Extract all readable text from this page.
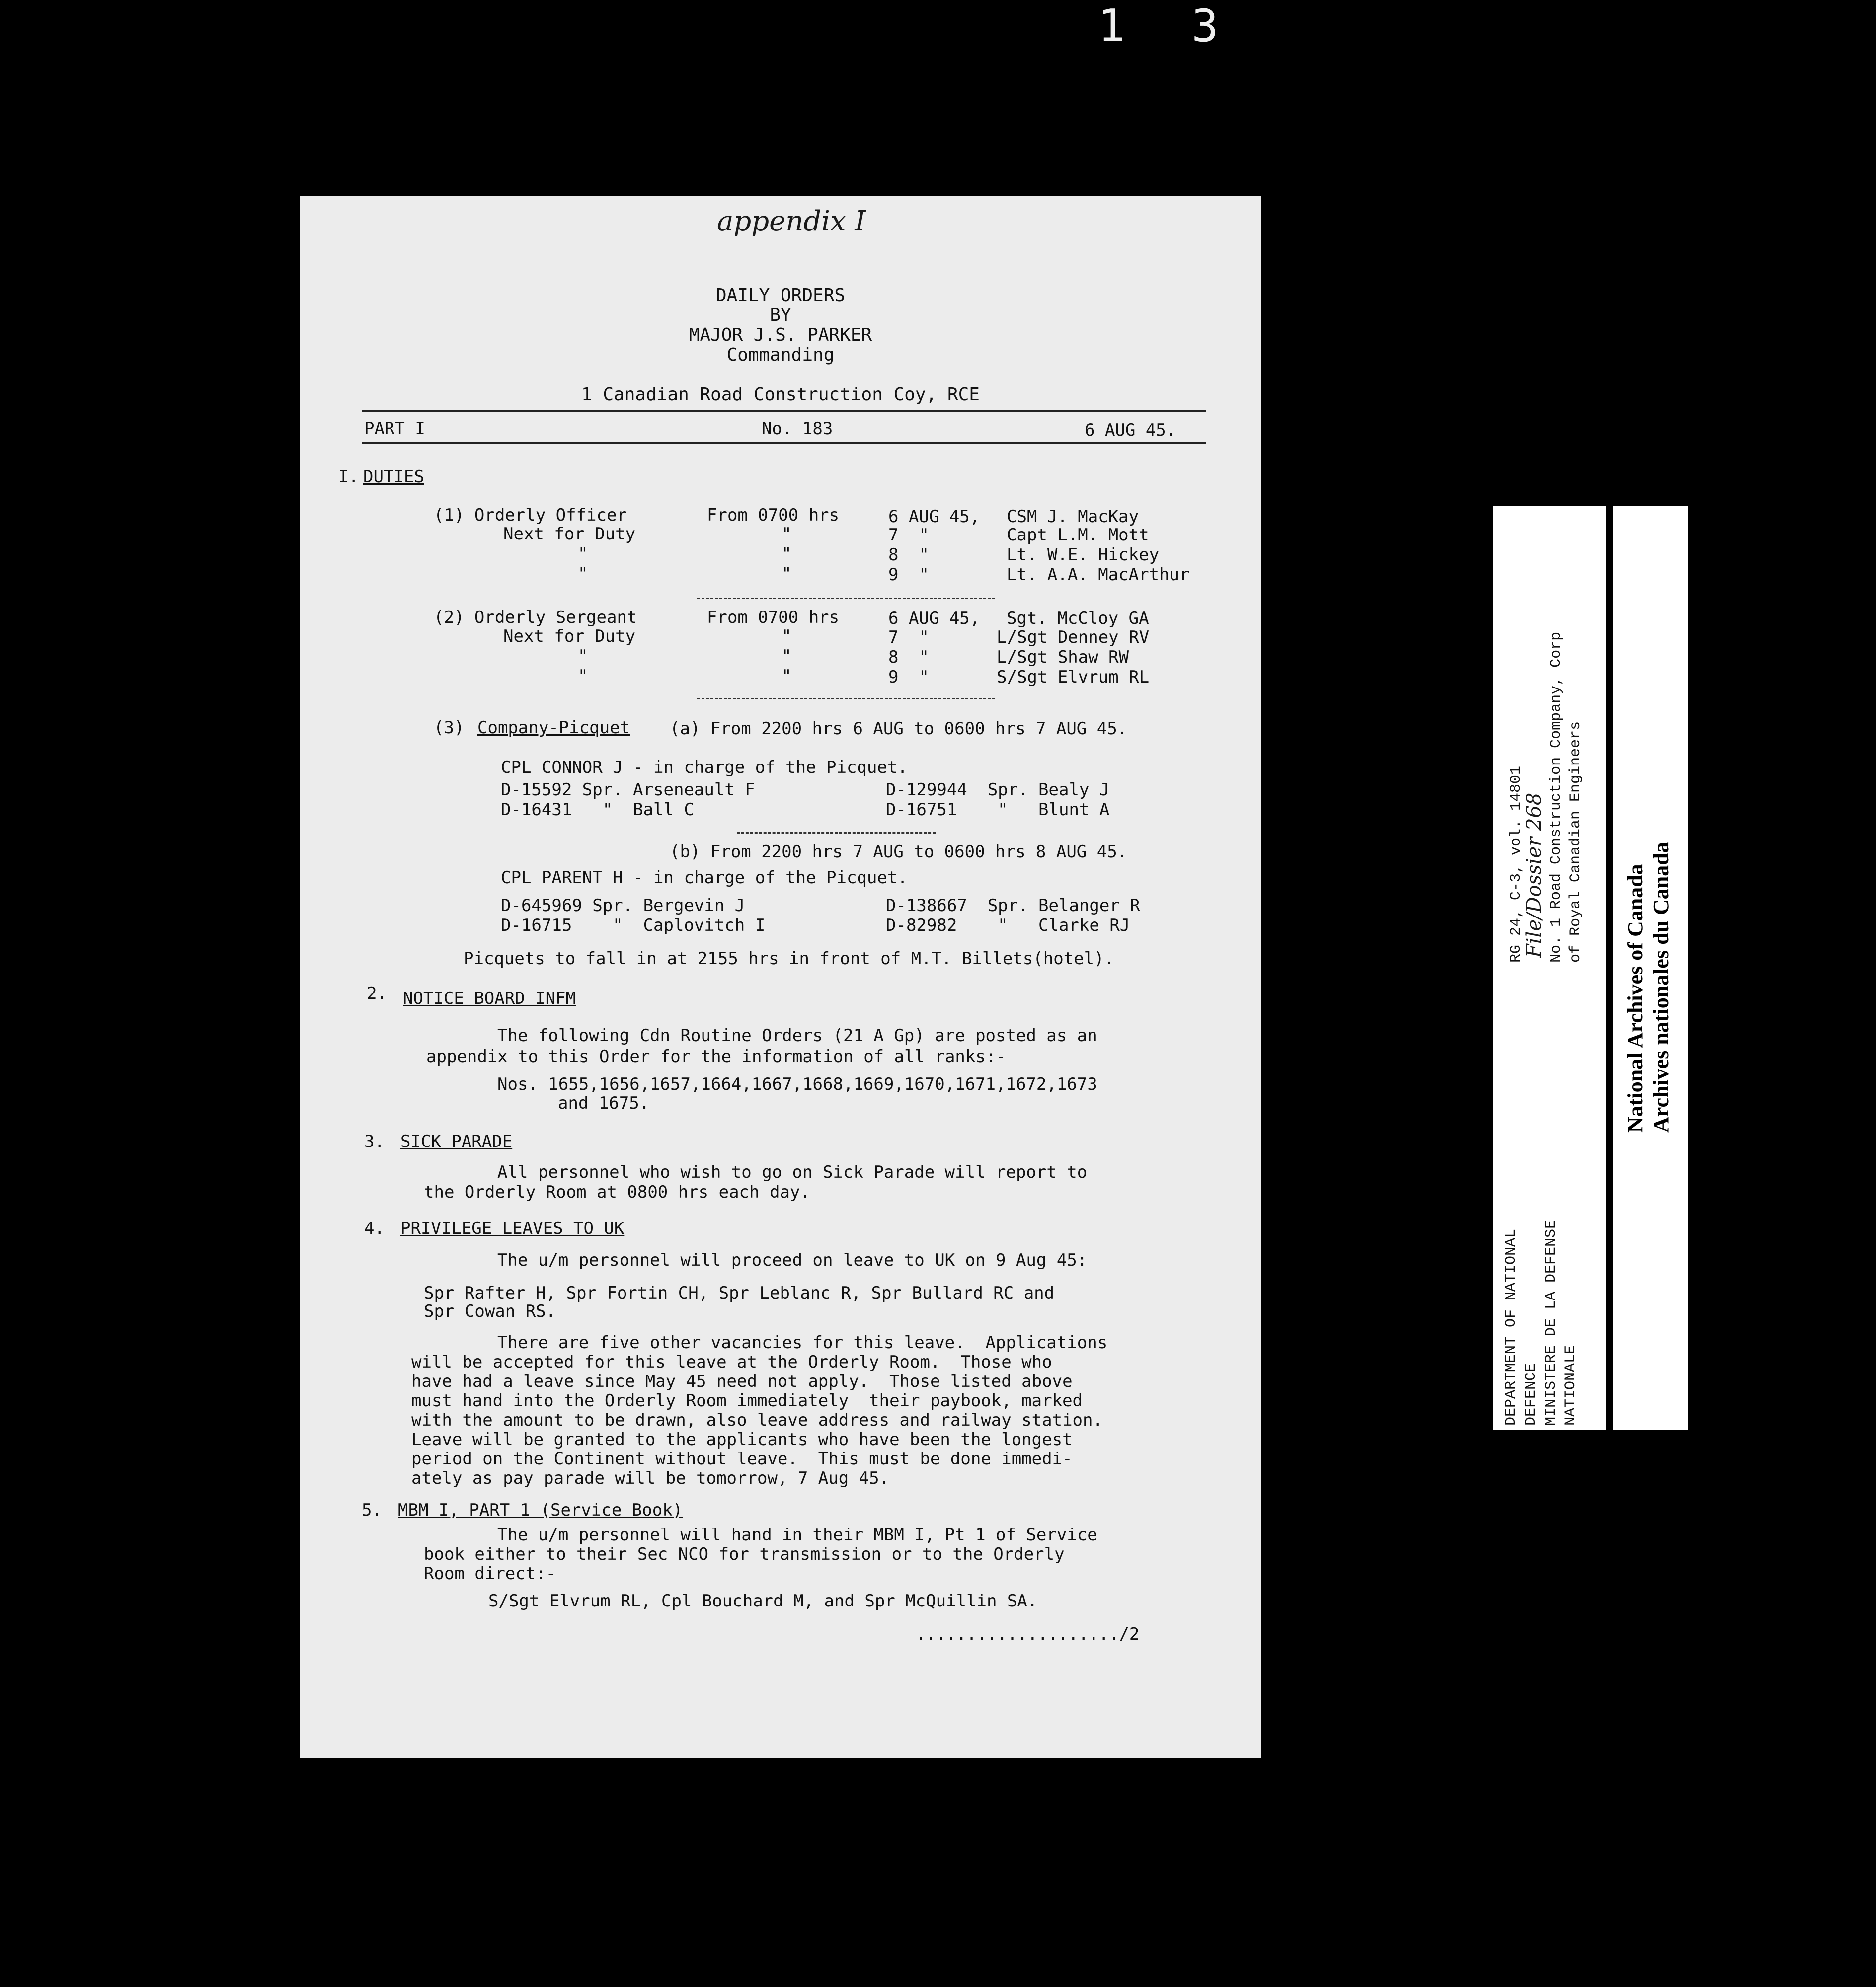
1 3
appendix I
DAILY ORDERS
BY
MAJOR J.S. PARKER
Commanding
1 Canadian Road Construction Coy, RCE
PART I	No. 183	6 AUG 45.
I. DUTIES
(1) Orderly Officer	From 0700 hrs	6 AUG 45, CSM J. MacKay
Next for Duty	"	7  "	Capt L.M. Mott
"	"	8  "	Lt. W.E. Hickey
"	"	9  "	Lt. A.A. MacArthur
(2) Orderly Sergeant	From 0700 hrs	6 AUG 45, Sgt. McCloy GA
Next for Duty	"	7  "	L/Sgt Denney RV
"	"	8  "	L/Sgt Shaw RW
"	"	9  "	S/Sgt Elvrum RL
(3) Company-Picquet (a) From 2200 hrs 6 AUG to 0600 hrs 7 AUG 45.
CPL CONNOR J - in charge of the Picquet.
D-15592 Spr. Arseneault F	D-129944  Spr. Bealy J
D-16431   "  Ball C	D-16751    "   Blunt A
(b) From 2200 hrs 7 AUG to 0600 hrs 8 AUG 45.
CPL PARENT H - in charge of the Picquet.
D-645969 Spr. Bergevin J	D-138667  Spr. Belanger R
D-16715    "  Caplovitch I	D-82982    "   Clarke RJ
Picquets to fall in at 2155 hrs in front of M.T. Billets(hotel).
2. NOTICE BOARD INFM
The following Cdn Routine Orders (21 A Gp) are posted as an
appendix to this Order for the information of all ranks:-
Nos. 1655,1656,1657,1664,1667,1668,1669,1670,1671,1672,1673
and 1675.
3. SICK PARADE
All personnel who wish to go on Sick Parade will report to
the Orderly Room at 0800 hrs each day.
4. PRIVILEGE LEAVES TO UK
The u/m personnel will proceed on leave to UK on 9 Aug 45:
Spr Rafter H, Spr Fortin CH, Spr Leblanc R, Spr Bullard RC and
Spr Cowan RS.
There are five other vacancies for this leave.  Applications
will be accepted for this leave at the Orderly Room.  Those who
have had a leave since May 45 need not apply.  Those listed above
must hand into the Orderly Room immediately  their paybook, marked
with the amount to be drawn, also leave address and railway station.
Leave will be granted to the applicants who have been the longest
period on the Continent without leave.  This must be done immedi-
ately as pay parade will be tomorrow, 7 Aug 45.
5. MBM I, PART 1 (Service Book)
The u/m personnel will hand in their MBM I, Pt 1 of Service
book either to their Sec NCO for transmission or to the Orderly
Room direct:-
S/Sgt Elvrum RL, Cpl Bouchard M, and Spr McQuillin SA.
..................../2
DEPARTMENT OF NATIONAL DEFENCE MINISTERE DE LA DEFENSE NATIONALE
RG 24, C-3, vol. 14801
File/Dossier 268 No. 1 Road Construction Company, Corp of Royal Canadian Engineers
National Archives of Canada Archives nationales du Canada
